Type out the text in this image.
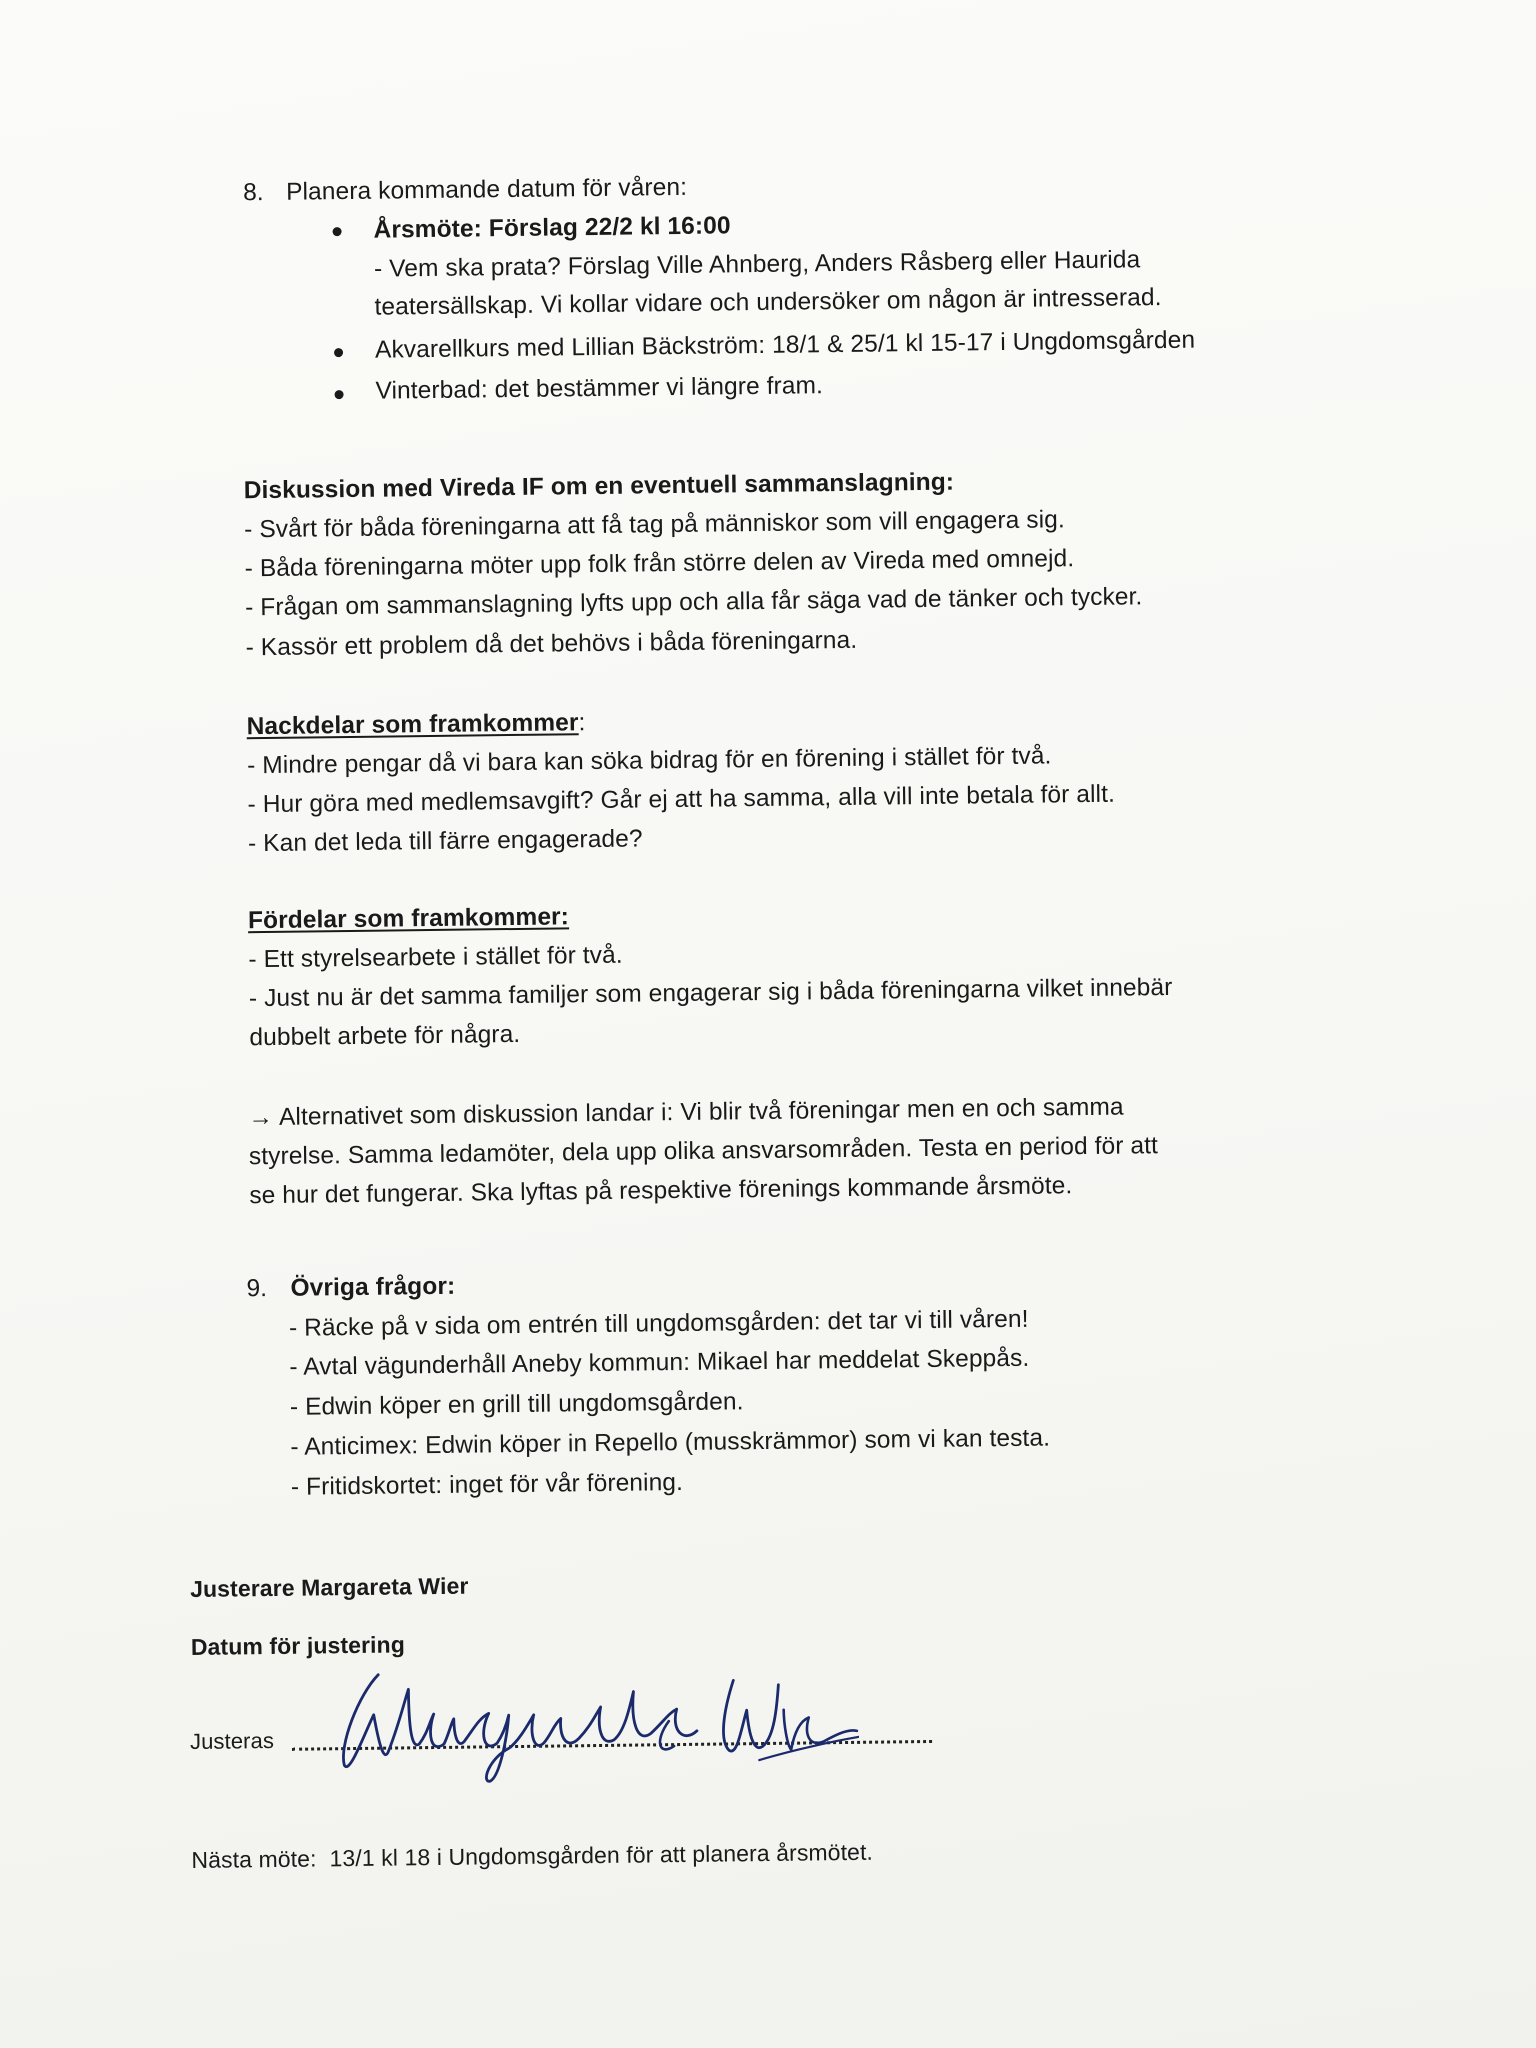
8. Planera kommande datum för våren:
Årsmöte: Förslag 22/2 kl 16:00
- Vem ska prata? Förslag Ville Ahnberg, Anders Råsberg eller Haurida
teatersällskap. Vi kollar vidare och undersöker om någon är intresserad.
Akvarellkurs med Lillian Bäckström: 18/1 & 25/1 kl 15-17 i Ungdomsgården
Vinterbad: det bestämmer vi längre fram.
Diskussion med Vireda IF om en eventuell sammanslagning:
- Svårt för båda föreningarna att få tag på människor som vill engagera sig.
- Båda föreningarna möter upp folk från större delen av Vireda med omnejd.
- Frågan om sammanslagning lyfts upp och alla får säga vad de tänker och tycker.
- Kassör ett problem då det behövs i båda föreningarna.
Nackdelar som framkommer:
- Mindre pengar då vi bara kan söka bidrag för en förening i stället för två.
- Hur göra med medlemsavgift? Går ej att ha samma, alla vill inte betala för allt.
- Kan det leda till färre engagerade?
Fördelar som framkommer:
- Ett styrelsearbete i stället för två.
- Just nu är det samma familjer som engagerar sig i båda föreningarna vilket innebär
dubbelt arbete för några.
→ Alternativet som diskussion landar i: Vi blir två föreningar men en och samma
styrelse. Samma ledamöter, dela upp olika ansvarsområden. Testa en period för att
se hur det fungerar. Ska lyftas på respektive förenings kommande årsmöte.
9. Övriga frågor:
- Räcke på v sida om entrén till ungdomsgården: det tar vi till våren!
- Avtal vägunderhåll Aneby kommun: Mikael har meddelat Skeppås.
- Edwin köper en grill till ungdomsgården.
- Anticimex: Edwin köper in Repello (musskrämmor) som vi kan testa.
- Fritidskortet: inget för vår förening.
Justerare Margareta Wier
Datum för justering
Justeras
Nästa möte: 13/1 kl 18 i Ungdomsgården för att planera årsmötet.
